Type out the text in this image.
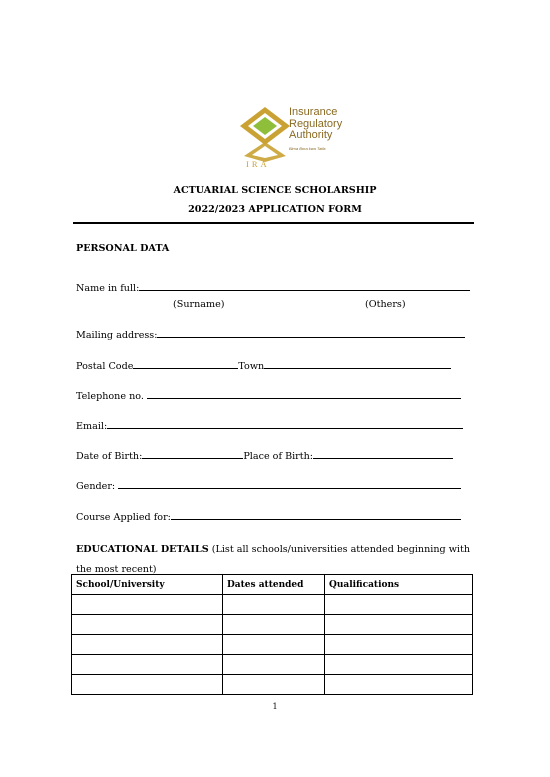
Insurance
Regulatory
Authority
Bima Bora kwa Taifa
IRA
ACTUARIAL SCIENCE SCHOLARSHIP
2022/2023 APPLICATION FORM
PERSONAL DATA
Name in full:
(Surname)	(Others)
Mailing address:
Postal Code	Town
Telephone no.
Email:
Date of Birth:	Place of Birth:
Gender:
Course Applied for:
EDUCATIONAL DETAILS (List all schools/universities attended beginning with the most recent)
School/University	Dates attended	Qualifications

1
